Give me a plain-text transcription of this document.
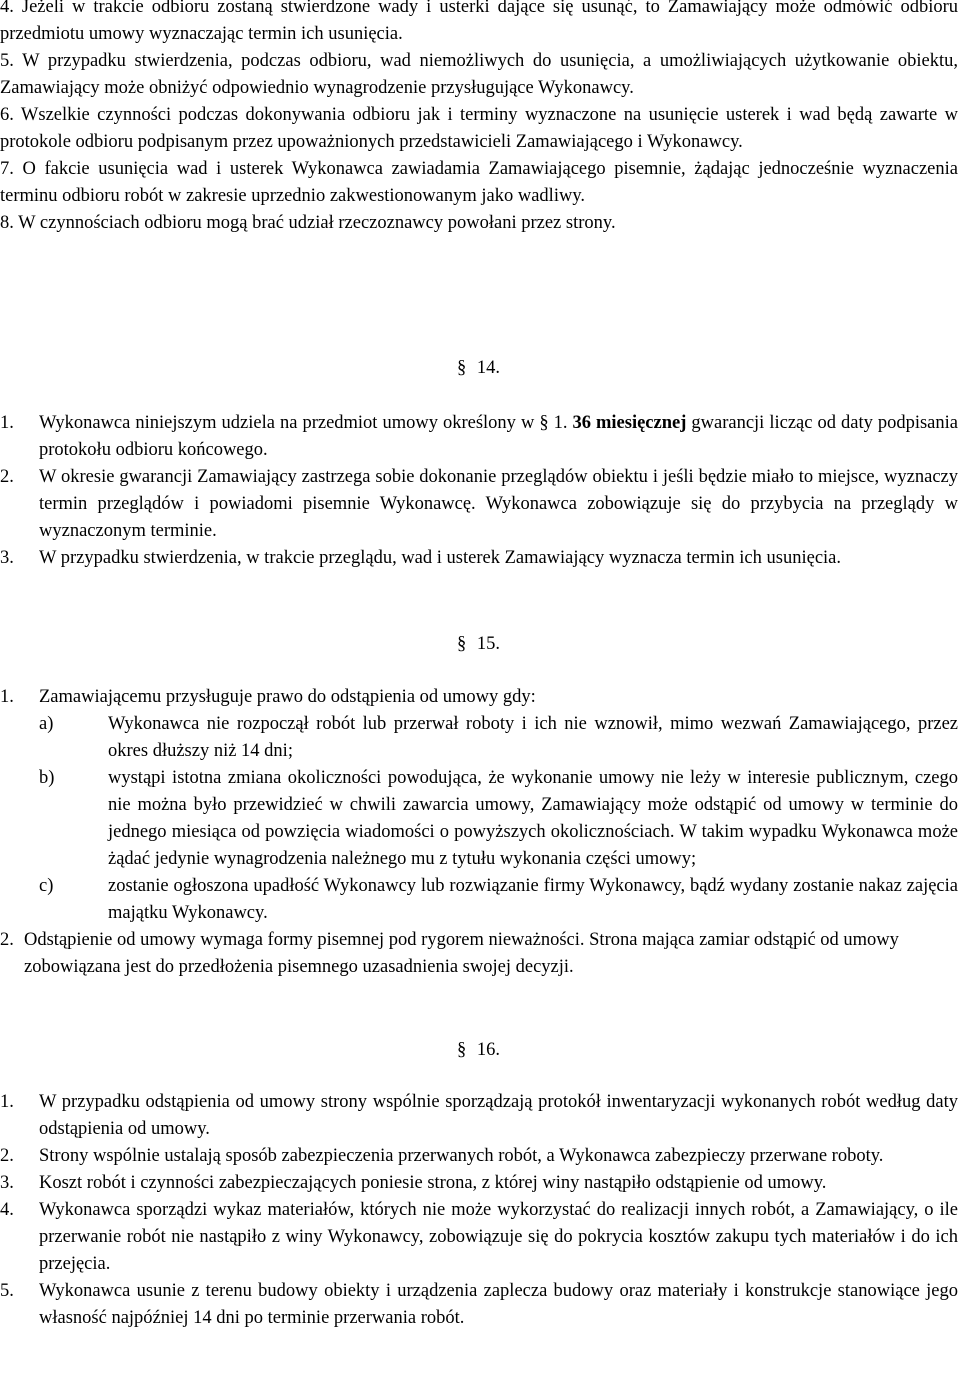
4. Jeżeli w trakcie odbioru zostaną stwierdzone wady i usterki dające się usunąć, to Zamawiający może odmówić odbioru przedmiotu umowy wyznaczając termin ich usunięcia.

5. W przypadku stwierdzenia, podczas odbioru, wad niemożliwych do usunięcia, a umożliwiających użytkowanie obiektu, Zamawiający może obniżyć odpowiednio wynagrodzenie przysługujące Wykonawcy.

6. Wszelkie czynności podczas dokonywania odbioru jak i terminy wyznaczone na usunięcie usterek i wad będą zawarte w protokole odbioru podpisanym przez upoważnionych przedstawicieli Zamawiającego i Wykonawcy.

7. O fakcie usunięcia wad i usterek Wykonawca zawiadamia Zamawiającego pisemnie, żądając jednocześnie wyznaczenia terminu odbioru robót w zakresie uprzednio zakwestionowanym jako wadliwy.

8. W czynnościach odbioru mogą brać udział rzeczoznawcy powołani przez strony.

§ 14.
1.	Wykonawca niniejszym udziela na przedmiot umowy określony w § 1. 36 miesięcznej gwarancji licząc od daty podpisania protokołu odbioru końcowego.
2.	W okresie gwarancji Zamawiający zastrzega sobie dokonanie przeglądów obiektu i jeśli będzie miało to miejsce, wyznaczy termin przeglądów i powiadomi pisemnie Wykonawcę. Wykonawca zobowiązuje się do przybycia na przeglądy w wyznaczonym terminie.
3.	W przypadku stwierdzenia, w trakcie przeglądu, wad i usterek Zamawiający wyznacza termin ich usunięcia.
§ 15.
1.	Zamawiającemu przysługuje prawo do odstąpienia od umowy gdy:
a)	Wykonawca nie rozpoczął robót lub przerwał roboty i ich nie wznowił, mimo wezwań Zamawiającego, przez okres dłuższy niż 14 dni;
b)	wystąpi istotna zmiana okoliczności powodująca, że wykonanie umowy nie leży w interesie publicznym, czego nie można było przewidzieć w chwili zawarcia umowy, Zamawiający może odstąpić od umowy w terminie do jednego miesiąca od powzięcia wiadomości o powyższych okolicznościach. W takim wypadku Wykonawca może żądać jedynie wynagrodzenia należnego mu z tytułu wykonania części umowy;
c)	zostanie ogłoszona upadłość Wykonawcy lub rozwiązanie firmy Wykonawcy, bądź wydany zostanie nakaz zajęcia majątku Wykonawcy.
2. Odstąpienie od umowy wymaga formy pisemnej pod rygorem nieważności. Strona mająca zamiar odstąpić od umowy zobowiązana jest do przedłożenia pisemnego uzasadnienia swojej decyzji.
§ 16.
1.	W przypadku odstąpienia od umowy strony wspólnie sporządzają protokół inwentaryzacji wykonanych robót według daty odstąpienia od umowy.
2.	Strony wspólnie ustalają sposób zabezpieczenia przerwanych robót, a Wykonawca zabezpieczy przerwane roboty.
3.	Koszt robót i czynności zabezpieczających poniesie strona, z której winy nastąpiło odstąpienie od umowy.
4.	Wykonawca sporządzi wykaz materiałów, których nie może wykorzystać do realizacji innych robót, a Zamawiający, o ile przerwanie robót nie nastąpiło z winy Wykonawcy, zobowiązuje się do pokrycia kosztów zakupu tych materiałów i do ich przejęcia.
5.	Wykonawca usunie z terenu budowy obiekty i urządzenia zaplecza budowy oraz materiały i konstrukcje stanowiące jego własność najpóźniej 14 dni po terminie przerwania robót.
